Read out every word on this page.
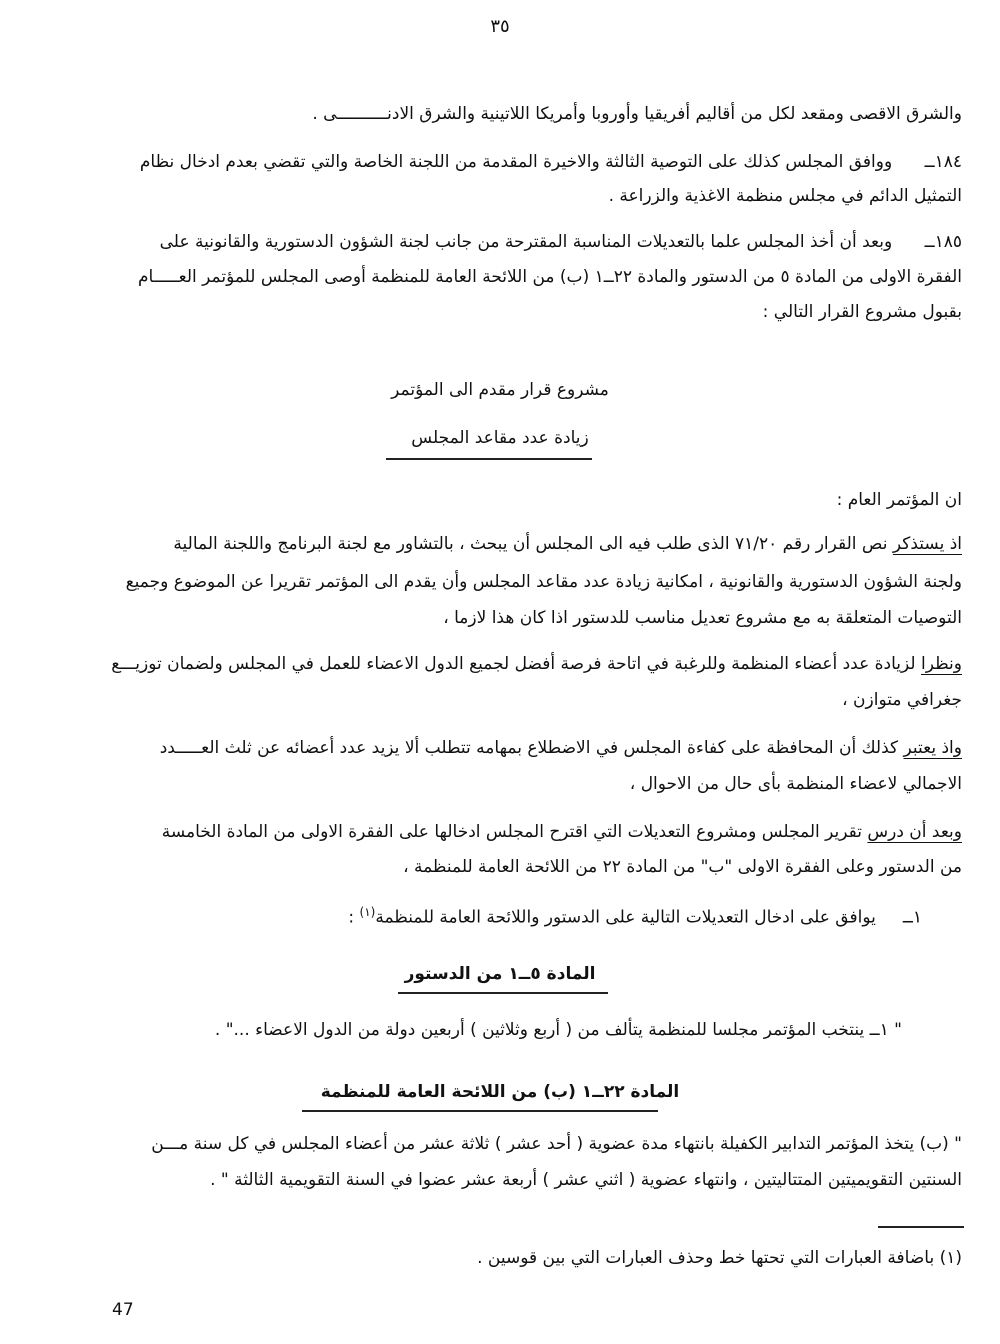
٣٥
والشرق الاقصى ومقعد لكل من أقاليم أفريقيا وأوروبا وأمريكا اللاتينية والشرق الادنــــــــــى .
١٨٤ــ      ووافق المجلس كذلك على التوصية الثالثة والاخيرة المقدمة من اللجنة الخاصة والتي تقضي بعدم ادخال نظام
التمثيل الدائم في مجلس منظمة الاغذية والزراعة .
١٨٥ــ      وبعد أن أخذ المجلس علما بالتعديلات المناسبة المقترحة من جانب لجنة الشؤون الدستورية والقانونية على
الفقرة الاولى من المادة ٥ من الدستور والمادة ٢٢ــ١ (ب) من اللائحة العامة للمنظمة أوصى المجلس للمؤتمر العـــــام
بقبول مشروع القرار التالي :
مشروع قرار مقدم الى المؤتمر
زيادة عدد مقاعد المجلس
ان المؤتمر العام :
اذ يستذكر نص القرار رقم ٧١/٢٠ الذى طلب فيه الى المجلس أن يبحث ، بالتشاور مع لجنة البرنامج واللجنة المالية
ولجنة الشؤون الدستورية والقانونية ، امكانية زيادة عدد مقاعد المجلس وأن يقدم الى المؤتمر تقريرا عن الموضوع وجميع
التوصيات المتعلقة به مع مشروع تعديل مناسب للدستور اذا كان هذا لازما ،
ونظرا لزيادة عدد أعضاء المنظمة وللرغبة في اتاحة فرصة أفضل لجميع الدول الاعضاء للعمل في المجلس ولضمان توزيـــع
جغرافي متوازن ،
واذ يعتبر كذلك أن المحافظة على كفاءة المجلس في الاضطلاع بمهامه تتطلب ألا يزيد عدد أعضائه عن ثلث العـــــدد
الاجمالي لاعضاء المنظمة بأى حال من الاحوال ،
وبعد أن درس تقرير المجلس ومشروع التعديلات التي اقترح المجلس ادخالها على الفقرة الاولى من المادة الخامسة
من الدستور وعلى الفقرة الاولى "ب" من المادة ٢٢ من اللائحة العامة للمنظمة ،
١ــ     يوافق على ادخال التعديلات التالية على الدستور واللائحة العامة للمنظمة$^{(١)}$ :
المادة ٥ــ١ من الدستور
" ١ــ ينتخب المؤتمر مجلسا للمنظمة يتألف من ( أربع وثلاثين ) أربعين دولة من الدول الاعضاء ..." .
المادة ٢٢ــ١ (ب) من اللائحة العامة للمنظمة
" (ب) يتخذ المؤتمر التدابير الكفيلة بانتهاء مدة عضوية ( أحد عشر ) ثلاثة عشر من أعضاء المجلس في كل سنة مـــن
السنتين التقويميتين المتتاليتين ، وانتهاء عضوية ( اثني عشر ) أربعة عشر عضوا في السنة التقويمية الثالثة " .
(١) باضافة العبارات التي تحتها خط وحذف العبارات التي بين قوسين .
47
